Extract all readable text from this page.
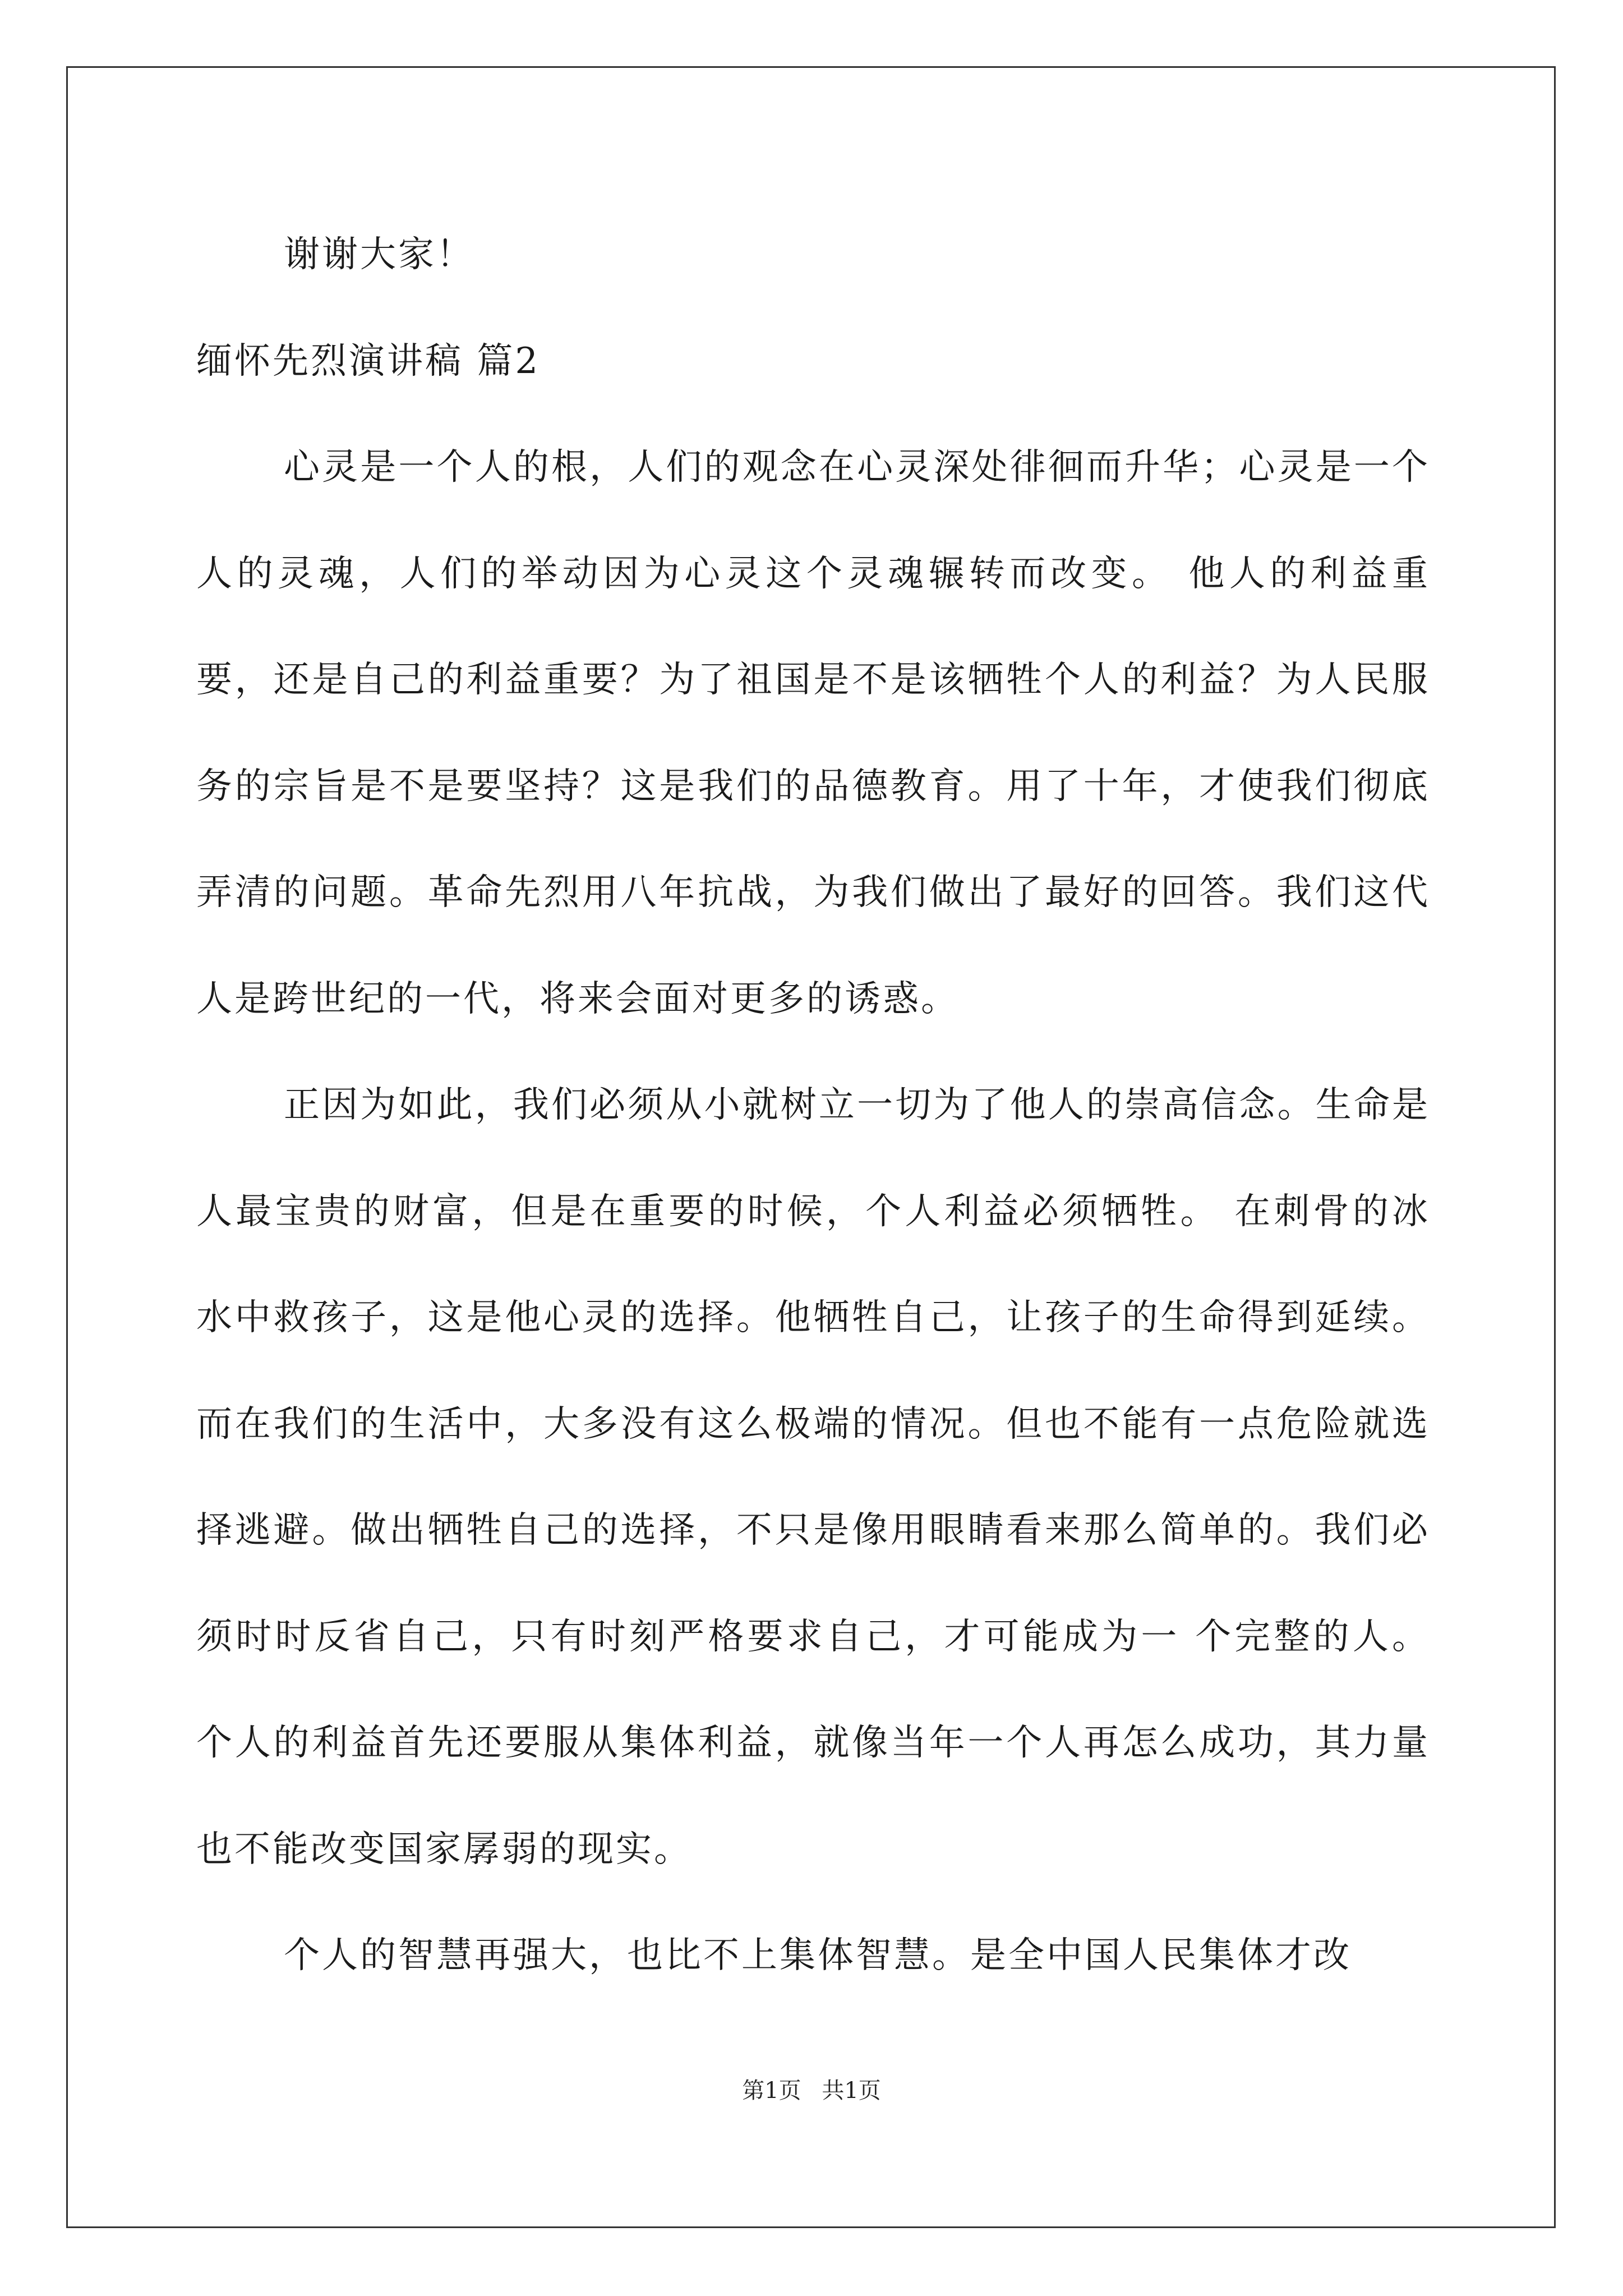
谢谢大家！

缅怀先烈演讲稿 篇2

心灵是一个人的根，人们的观念在心灵深处徘徊而升华；心灵是一个人的灵魂，人们的举动因为心灵这个灵魂辗转而改变。 他人的利益重要，还是自己的利益重要？为了祖国是不是该牺牲个人的利益？为人民服务的宗旨是不是要坚持？这是我们的品德教育。用了十年，才使我们彻底弄清的问题。革命先烈用八年抗战，为我们做出了最好的回答。我们这代人是跨世纪的一代，将来会面对更多的诱惑。

正因为如此，我们必须从小就树立一切为了他人的崇高信念。生命是人最宝贵的财富，但是在重要的时候，个人利益必须牺牲。 在刺骨的冰水中救孩子，这是他心灵的选择。他牺牲自己，让孩子的生命得到延续。而在我们的生活中，大多没有这么极端的情况。但也不能有一点危险就选择逃避。做出牺牲自己的选择，不只是像用眼睛看来那么简单的。我们必须时时反省自己，只有时刻严格要求自己，才可能成为一 个完整的人。个人的利益首先还要服从集体利益，就像当年一个人再怎么成功，其力量也不能改变国家孱弱的现实。

个人的智慧再强大，也比不上集体智慧。是全中国人民集体才改

第1页 共1页
